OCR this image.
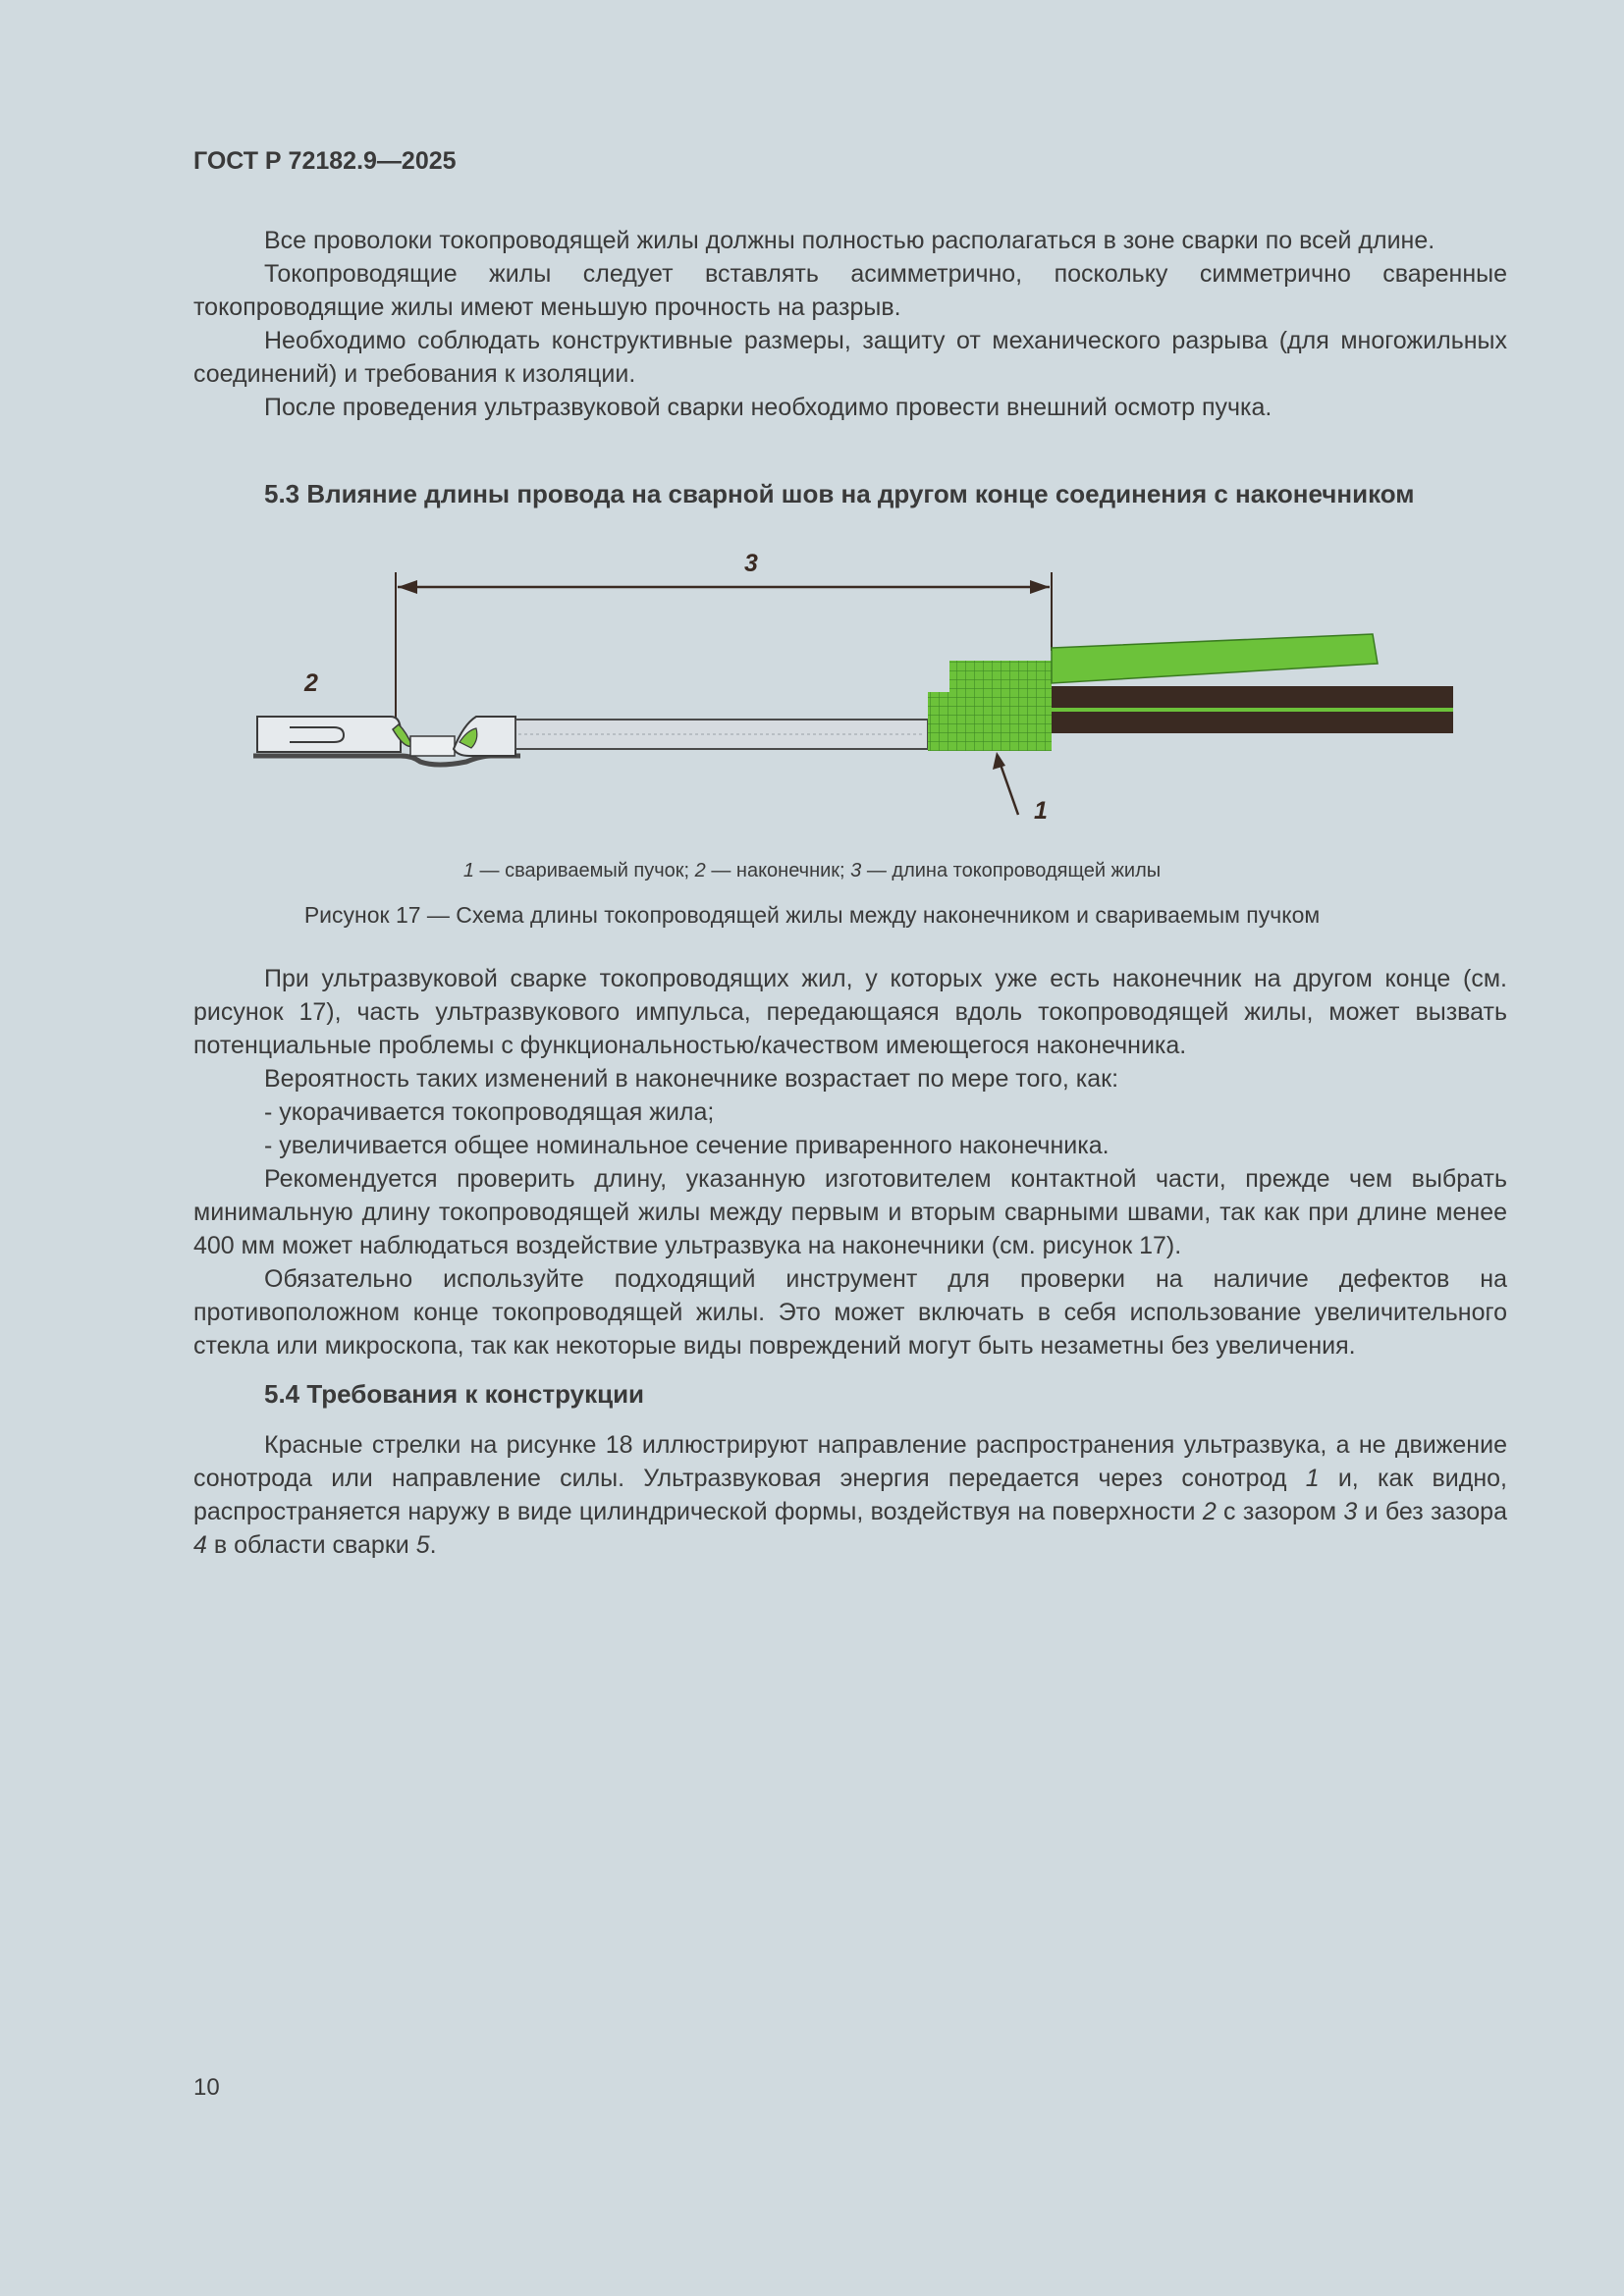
ГОСТ Р 72182.9—2025

Все проволоки токопроводящей жилы должны полностью располагаться в зоне сварки по всей длине.

Токопроводящие жилы следует вставлять асимметрично, поскольку симметрично сваренные токопроводящие жилы имеют меньшую прочность на разрыв.

Необходимо соблюдать конструктивные размеры, защиту от механического разрыва (для многожильных соединений) и требования к изоляции.

После проведения ультразвуковой сварки необходимо провести внешний осмотр пучка.

5.3 Влияние длины провода на сварной шов на другом конце соединения с наконечником
3
2
1
1 — свариваемый пучок; 2 — наконечник; 3 — длина токопроводящей жилы
Рисунок 17 — Схема длины токопроводящей жилы между наконечником и свариваемым пучком

При ультразвуковой сварке токопроводящих жил, у которых уже есть наконечник на другом конце (см. рисунок 17), часть ультразвукового импульса, передающаяся вдоль токопроводящей жилы, может вызвать потенциальные проблемы с функциональностью/качеством имеющегося наконечника.

Вероятность таких изменений в наконечнике возрастает по мере того, как:

- укорачивается токопроводящая жила;

- увеличивается общее номинальное сечение приваренного наконечника.

Рекомендуется проверить длину, указанную изготовителем контактной части, прежде чем выбрать минимальную длину токопроводящей жилы между первым и вторым сварными швами, так как при длине менее 400 мм может наблюдаться воздействие ультразвука на наконечники (см. рисунок 17).

Обязательно используйте подходящий инструмент для проверки на наличие дефектов на противоположном конце токопроводящей жилы. Это может включать в себя использование увеличительного стекла или микроскопа, так как некоторые виды повреждений могут быть незаметны без увеличения.

5.4 Требования к конструкции

Красные стрелки на рисунке 18 иллюстрируют направление распространения ультразвука, а не движение сонотрода или направление силы. Ультразвуковая энергия передается через сонотрод 1 и, как видно, распространяется наружу в виде цилиндрической формы, воздействуя на поверхности 2 с зазором 3 и без зазора 4 в области сварки 5.

10
